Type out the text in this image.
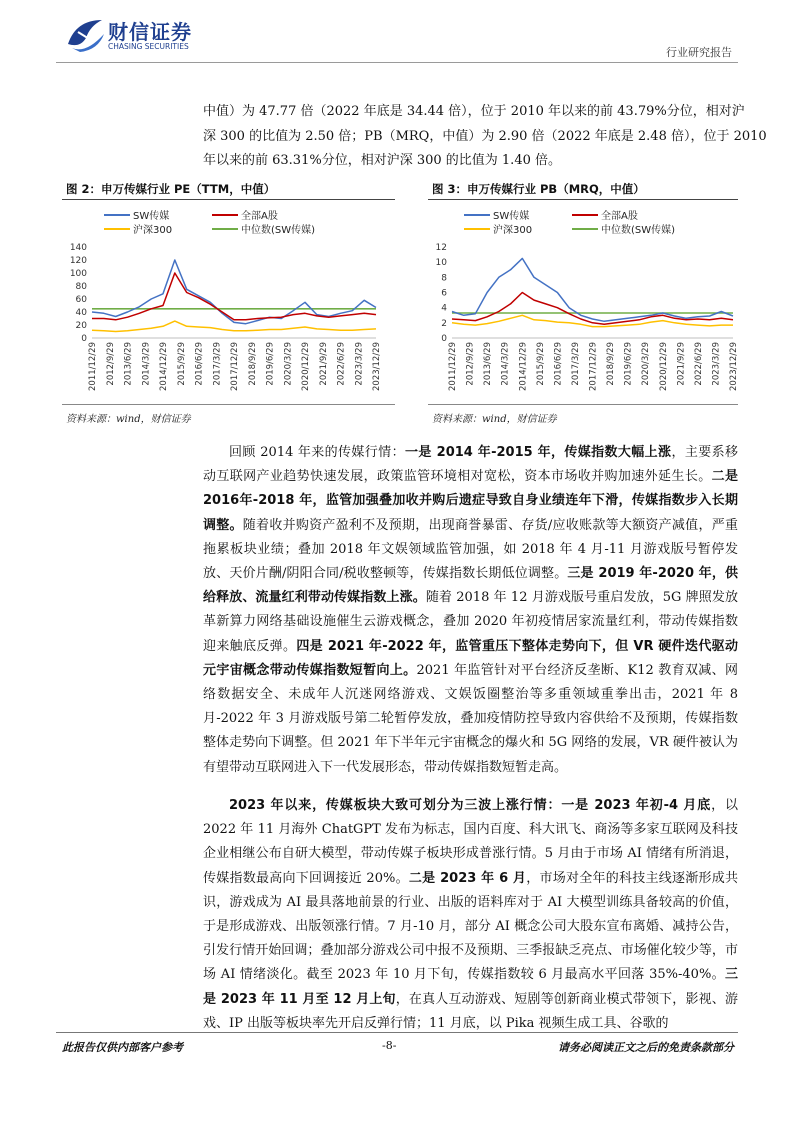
财信证券
CHASING SECURITIES	行业研究报告
中值）为 47.77 倍（2022 年底是 34.44 倍），位于 2010 年以来的前 43.79%分位，相对沪
深 300 的比值为 2.50 倍；PB（MRQ，中值）为 2.90 倍（2022 年底是 2.48 倍），位于 2010
年以来的前 63.31%分位，相对沪深 300 的比值为 1.40 倍。
图 2：申万传媒行业 PE（TTM，中值）	图 3：申万传媒行业 PB（MRQ，中值）
0
20
40
60
80
100
120
140
2011/12/29 2012/9/29 2013/6/29 2014/3/29 2014/12/29 2015/9/29 2016/6/29 2017/3/29 2017/12/29 2018/9/29 2019/6/29 2020/3/29 2020/12/29 2021/9/29 2022/6/29 2023/3/29 2023/12/29
SW传媒	全部A股
沪深300	中位数(SW传媒)
0
2
4
6
8
10
12
2011/12/29 2012/9/29 2013/6/29 2014/3/29 2014/12/29 2015/9/29 2016/6/29 2017/3/29 2017/12/29 2018/9/29 2019/6/29 2020/3/29 2020/12/29 2021/9/29 2022/6/29 2023/3/29 2023/12/29
SW传媒	全部A股
沪深300	中位数(SW传媒)
资料来源：wind，财信证券	资料来源：wind，财信证券
回顾 2014 年来的传媒行情：一是 2014 年-2015 年，传媒指数大幅上涨，主要系移动互联网产业趋势快速发展，政策监管环境相对宽松，资本市场收并购加速外延生长。二是 2016年-2018 年，监管加强叠加收并购后遗症导致自身业绩连年下滑，传媒指数步入长期调整。随着收并购资产盈利不及预期，出现商誉暴雷、存货/应收账款等大额资产减值，严重拖累板块业绩；叠加 2018 年文娱领域监管加强，如 2018 年 4 月-11 月游戏版号暂停发放、天价片酬/阴阳合同/税收整顿等，传媒指数长期低位调整。三是 2019 年-2020 年，供给释放、流量红利带动传媒指数上涨。随着 2018 年 12 月游戏版号重启发放，5G 牌照发放革新算力网络基础设施催生云游戏概念，叠加 2020 年初疫情居家流量红利，带动传媒指数迎来触底反弹。四是 2021 年-2022 年，监管重压下整体走势向下，但 VR 硬件迭代驱动元宇宙概念带动传媒指数短暂向上。2021 年监管针对平台经济反垄断、K12 教育双减、网络数据安全、未成年人沉迷网络游戏、文娱饭圈整治等多重领域重拳出击，2021 年 8 月-2022 年 3 月游戏版号第二轮暂停发放，叠加疫情防控导致内容供给不及预期，传媒指数整体走势向下调整。但 2021 年下半年元宇宙概念的爆火和 5G 网络的发展，VR 硬件被认为有望带动互联网进入下一代发展形态，带动传媒指数短暂走高。
2023 年以来，传媒板块大致可划分为三波上涨行情：一是 2023 年初-4 月底，以2022 年 11 月海外 ChatGPT 发布为标志，国内百度、科大讯飞、商汤等多家互联网及科技企业相继公布自研大模型，带动传媒子板块形成普涨行情。5 月由于市场 AI 情绪有所消退，传媒指数最高向下回调接近 20%。二是 2023 年 6 月，市场对全年的科技主线逐渐形成共识，游戏成为 AI 最具落地前景的行业、出版的语料库对于 AI 大模型训练具备较高的价值，于是形成游戏、出版领涨行情。7 月-10 月，部分 AI 概念公司大股东宣布离婚、减持公告，引发行情开始回调；叠加部分游戏公司中报不及预期、三季报缺乏亮点、市场催化较少等，市场 AI 情绪淡化。截至 2023 年 10 月下旬，传媒指数较 6 月最高水平回落 35%-40%。三是 2023 年 11 月至 12 月上旬，在真人互动游戏、短剧等创新商业模式带领下，影视、游戏、IP 出版等板块率先开启反弹行情；11 月底，以 Pika 视频生成工具、谷歌的
此报告仅供内部客户参考	-8-	请务必阅读正文之后的免责条款部分
